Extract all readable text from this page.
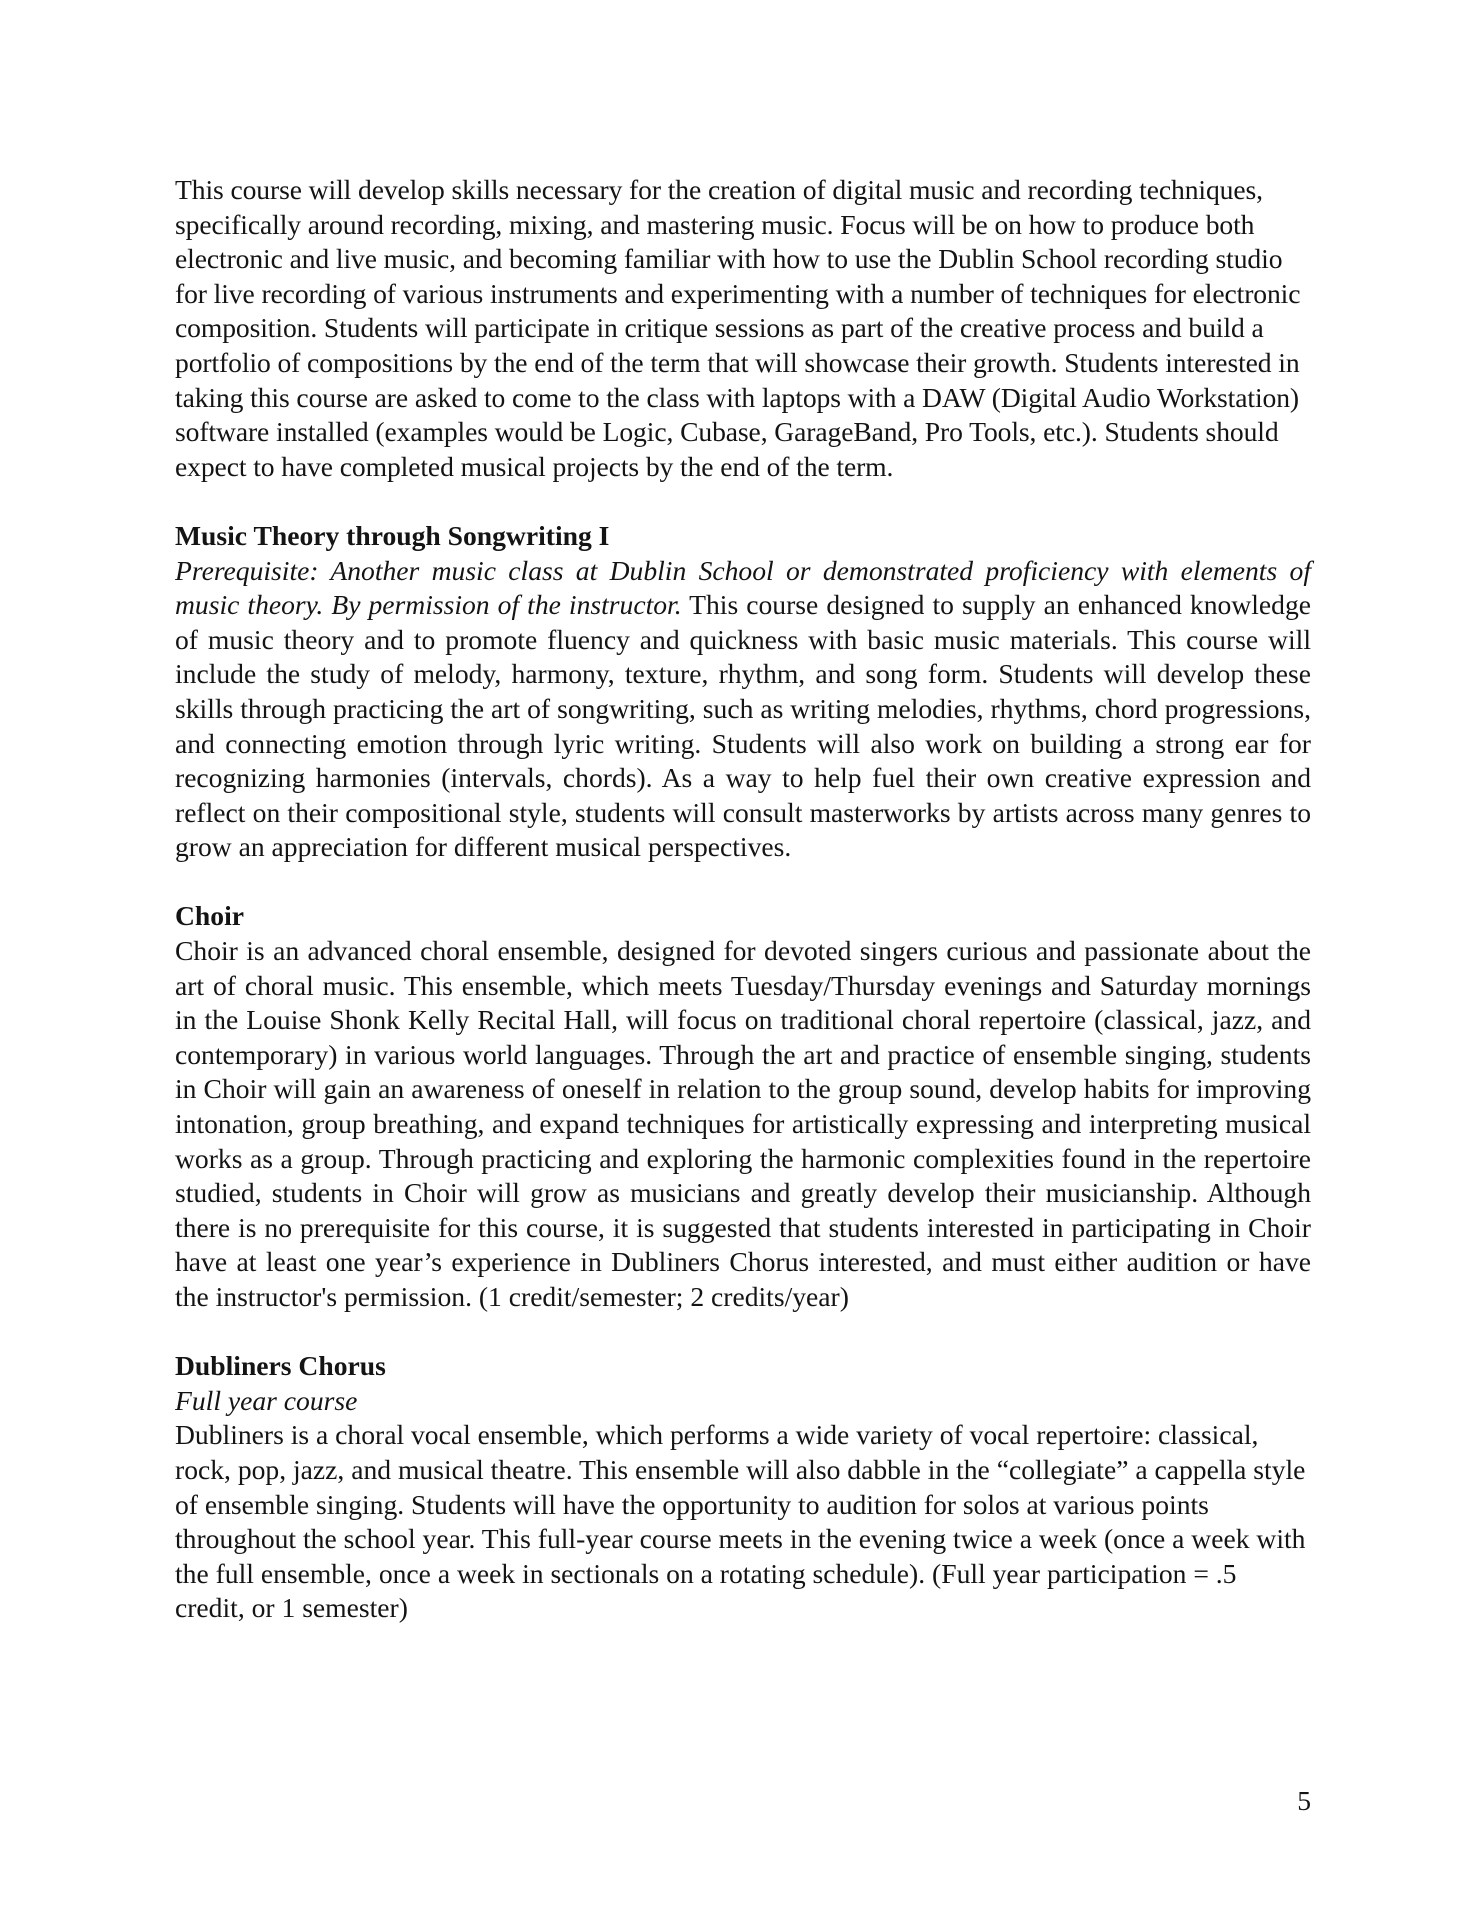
This course will develop skills necessary for the creation of digital music and recording techniques, specifically around recording, mixing, and mastering music. Focus will be on how to produce both electronic and live music, and becoming familiar with how to use the Dublin School recording studio for live recording of various instruments and experimenting with a number of techniques for electronic composition. Students will participate in critique sessions as part of the creative process and build a portfolio of compositions by the end of the term that will showcase their growth. Students interested in taking this course are asked to come to the class with laptops with a DAW (Digital Audio Workstation) software installed (examples would be Logic, Cubase, GarageBand, Pro Tools, etc.). Students should expect to have completed musical projects by the end of the term.

Music Theory through Songwriting I

Prerequisite: Another music class at Dublin School or demonstrated proficiency with elements of music theory. By permission of the instructor. This course designed to supply an enhanced knowledge of music theory and to promote fluency and quickness with basic music materials. This course will include the study of melody, harmony, texture, rhythm, and song form. Students will develop these skills through practicing the art of songwriting, such as writing melodies, rhythms, chord progressions, and connecting emotion through lyric writing. Students will also work on building a strong ear for recognizing harmonies (intervals, chords). As a way to help fuel their own creative expression and reflect on their compositional style, students will consult masterworks by artists across many genres to grow an appreciation for different musical perspectives.

Choir

Choir is an advanced choral ensemble, designed for devoted singers curious and passionate about the art of choral music. This ensemble, which meets Tuesday/Thursday evenings and Saturday mornings in the Louise Shonk Kelly Recital Hall, will focus on traditional choral repertoire (classical, jazz, and contemporary) in various world languages. Through the art and practice of ensemble singing, students in Choir will gain an awareness of oneself in relation to the group sound, develop habits for improving intonation, group breathing, and expand techniques for artistically expressing and interpreting musical works as a group. Through practicing and exploring the harmonic complexities found in the repertoire studied, students in Choir will grow as musicians and greatly develop their musicianship. Although there is no prerequisite for this course, it is suggested that students interested in participating in Choir have at least one year’s experience in Dubliners Chorus interested, and must either audition or have the instructor's permission. (1 credit/semester; 2 credits/year)

Dubliners Chorus

Full year course

Dubliners is a choral vocal ensemble, which performs a wide variety of vocal repertoire: classical, rock, pop, jazz, and musical theatre. This ensemble will also dabble in the “collegiate” a cappella style of ensemble singing. Students will have the opportunity to audition for solos at various points throughout the school year. This full-year course meets in the evening twice a week (once a week with the full ensemble, once a week in sectionals on a rotating schedule). (Full year participation = .5 credit, or 1 semester)

5
